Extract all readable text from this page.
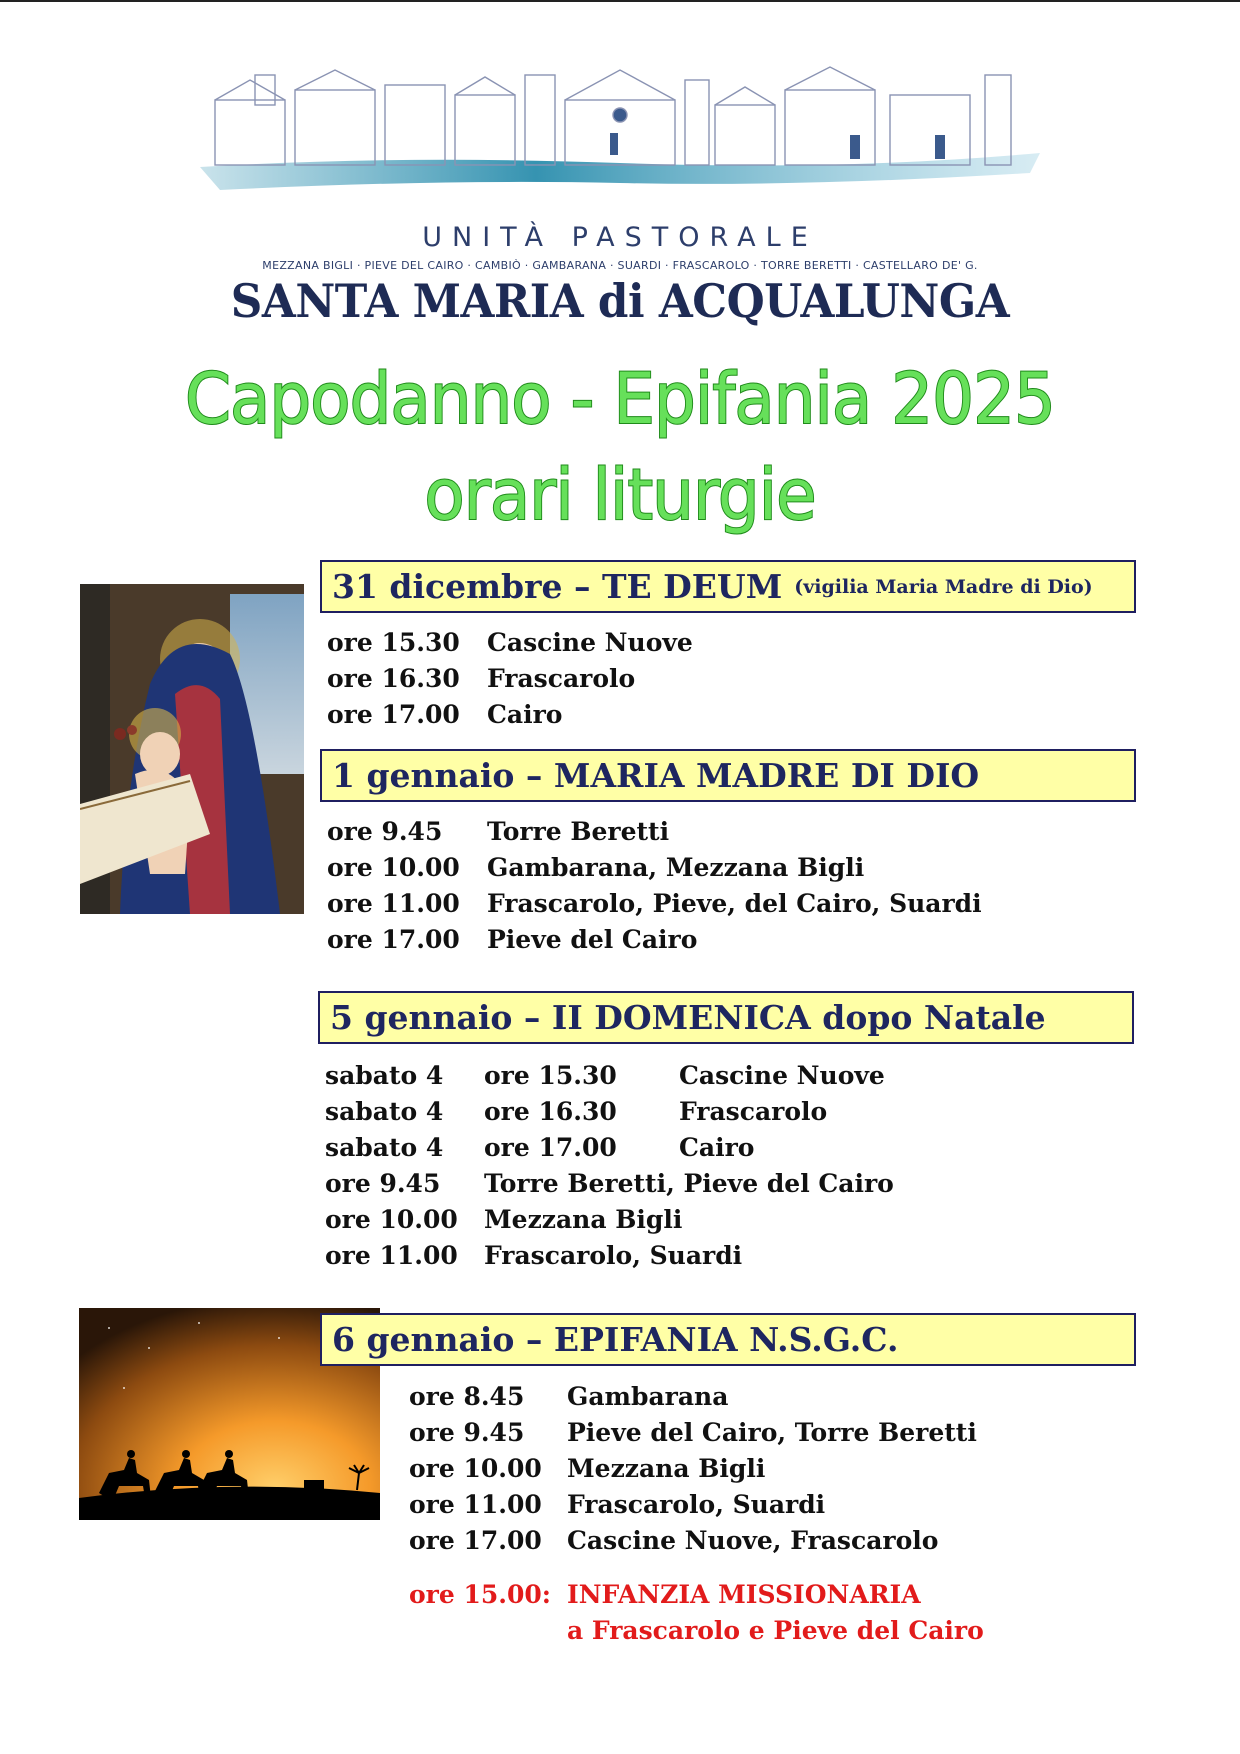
UNITÀ PASTORALE
MEZZANA BIGLI · PIEVE DEL CAIRO · CAMBIÒ · GAMBARANA · SUARDI · FRASCAROLO · TORRE BERETTI · CASTELLARO DE' G.
SANTA MARIA di ACQUALUNGA
Capodanno - Epifania 2025
orari liturgie
31 dicembre – TE DEUM (vigilia Maria Madre di Dio)
ore 15.30 Cascine Nuove
ore 16.30 Frascarolo
ore 17.00 Cairo
1 gennaio – MARIA MADRE DI DIO
ore 9.45 Torre Beretti
ore 10.00 Gambarana, Mezzana Bigli
ore 11.00 Frascarolo, Pieve, del Cairo, Suardi
ore 17.00 Pieve del Cairo
5 gennaio – II DOMENICA dopo Natale
sabato 4 ore 15.30 Cascine Nuove
sabato 4 ore 16.30 Frascarolo
sabato 4 ore 17.00 Cairo
ore 9.45 Torre Beretti, Pieve del Cairo
ore 10.00 Mezzana Bigli
ore 11.00 Frascarolo, Suardi
6 gennaio – EPIFANIA N.S.G.C.
ore 8.45 Gambarana
ore 9.45 Pieve del Cairo, Torre Beretti
ore 10.00 Mezzana Bigli
ore 11.00 Frascarolo, Suardi
ore 17.00 Cascine Nuove, Frascarolo
ore 15.00: INFANZIA MISSIONARIA
a Frascarolo e Pieve del Cairo
